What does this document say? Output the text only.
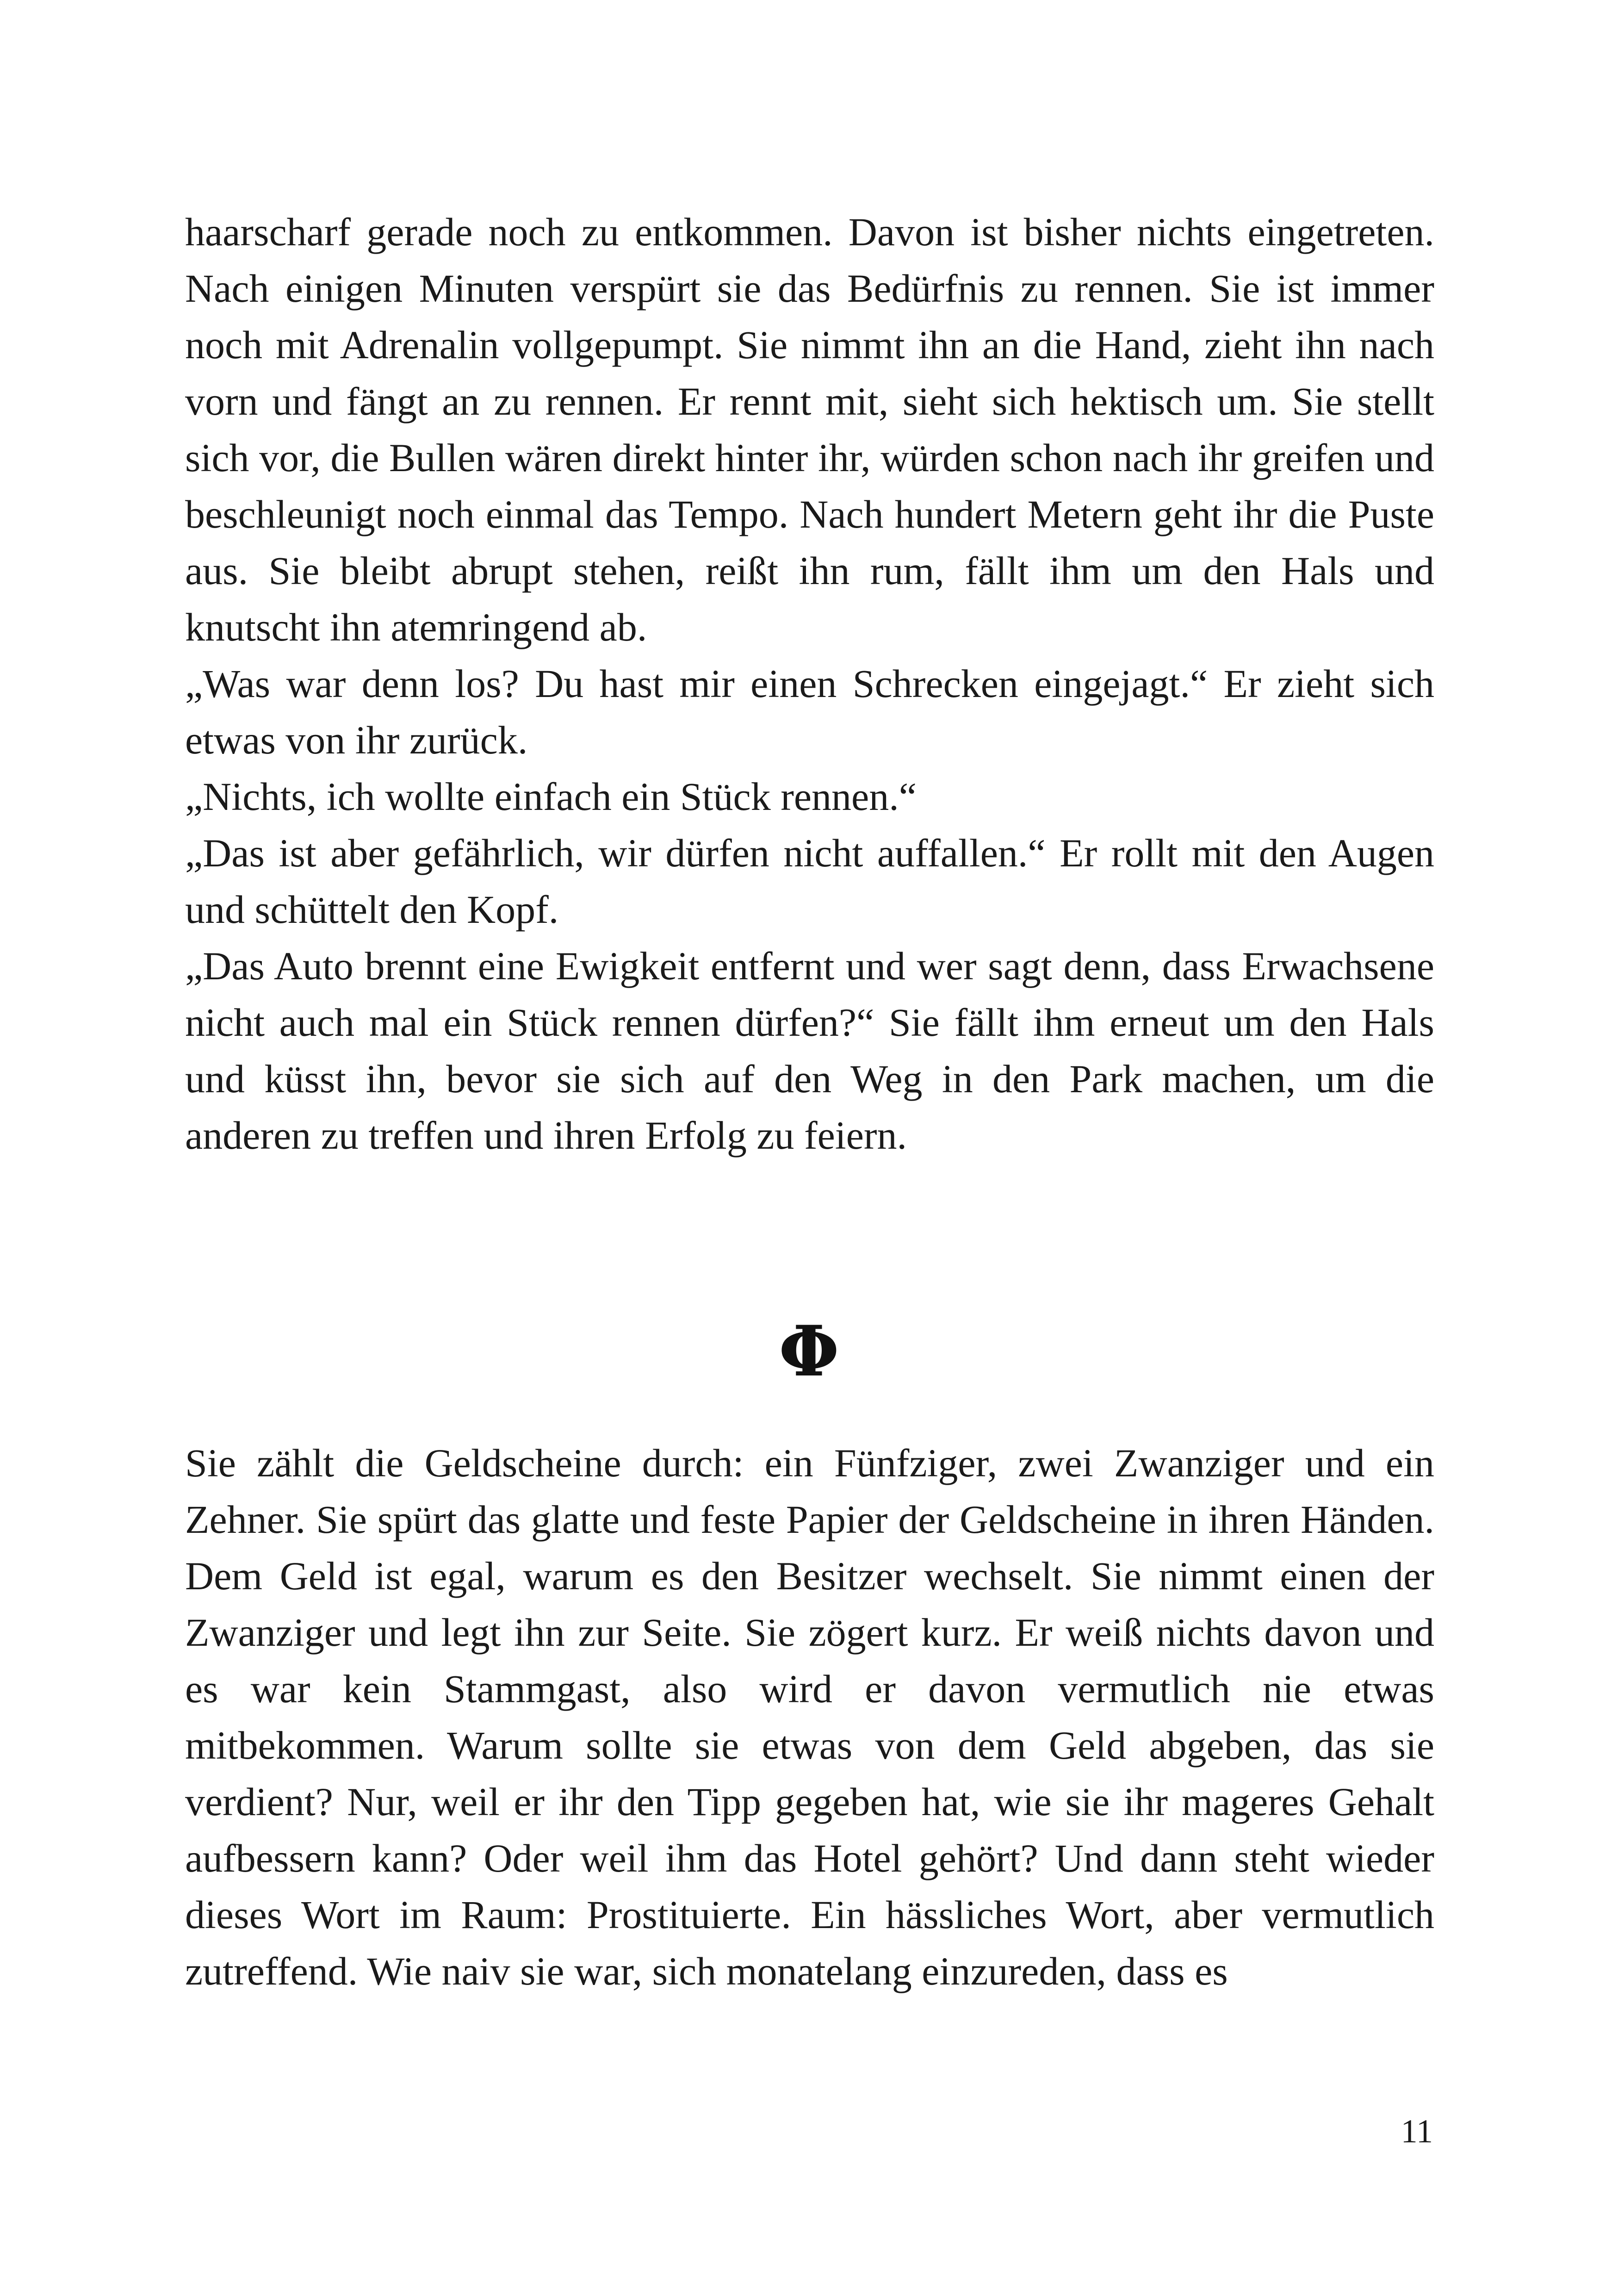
haarscharf gerade noch zu entkommen. Davon ist bisher nichts eingetreten. Nach einigen Minuten verspürt sie das Bedürfnis zu rennen. Sie ist immer noch mit Adrenalin vollgepumpt. Sie nimmt ihn an die Hand, zieht ihn nach vorn und fängt an zu rennen. Er rennt mit, sieht sich hektisch um. Sie stellt sich vor, die Bullen wären direkt hinter ihr, würden schon nach ihr greifen und beschleunigt noch einmal das Tempo. Nach hundert Metern geht ihr die Puste aus. Sie bleibt abrupt stehen, reißt ihn rum, fällt ihm um den Hals und knutscht ihn atemringend ab.

„Was war denn los? Du hast mir einen Schrecken eingejagt.“ Er zieht sich etwas von ihr zurück.

„Nichts, ich wollte einfach ein Stück rennen.“

„Das ist aber gefährlich, wir dürfen nicht auffallen.“ Er rollt mit den Augen und schüttelt den Kopf.

„Das Auto brennt eine Ewigkeit entfernt und wer sagt denn, dass Erwachsene nicht auch mal ein Stück rennen dürfen?“ Sie fällt ihm erneut um den Hals und küsst ihn, bevor sie sich auf den Weg in den Park machen, um die anderen zu treffen und ihren Erfolg zu feiern.

Φ

Sie zählt die Geldscheine durch: ein Fünfziger, zwei Zwanziger und ein Zehner. Sie spürt das glatte und feste Papier der Geldscheine in ihren Händen. Dem Geld ist egal, warum es den Besitzer wechselt. Sie nimmt einen der Zwanziger und legt ihn zur Seite. Sie zögert kurz. Er weiß nichts davon und es war kein Stammgast, also wird er davon vermutlich nie etwas mitbekommen. Warum sollte sie etwas von dem Geld abgeben, das sie verdient? Nur, weil er ihr den Tipp gegeben hat, wie sie ihr mageres Gehalt aufbessern kann? Oder weil ihm das Hotel gehört? Und dann steht wieder dieses Wort im Raum: Prostituierte. Ein hässliches Wort, aber vermutlich zutreffend. Wie naiv sie war, sich monatelang einzureden, dass es

11
